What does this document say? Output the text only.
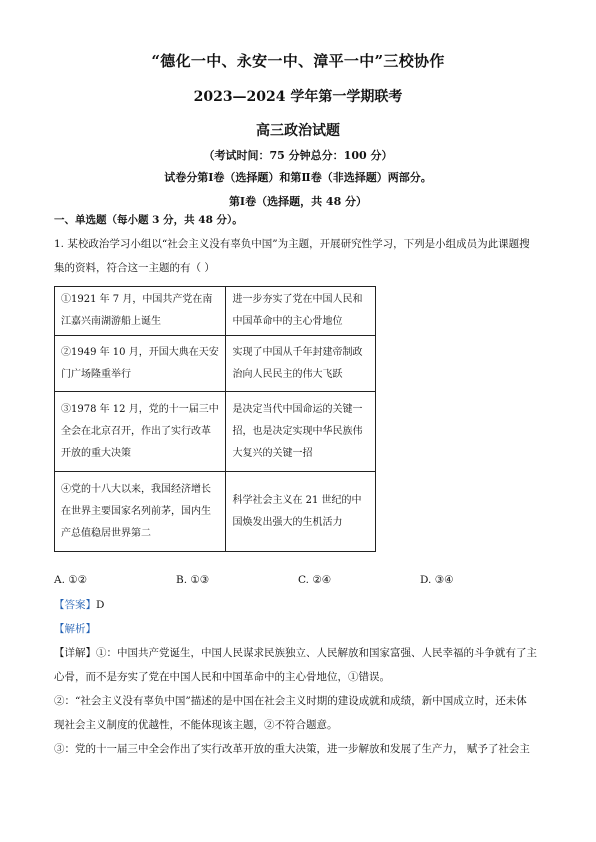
“德化一中、永安一中、漳平一中”三校协作
2023—2024 学年第一学期联考
高三政治试题
（考试时间：75 分钟总分：100 分）
试卷分第Ⅰ卷（选择题）和第Ⅱ卷（非选择题）两部分。
第Ⅰ卷（选择题，共 48 分）
一、单选题（每小题 3 分，共 48 分）。
1. 某校政治学习小组以“社会主义没有辜负中国”为主题，开展研究性学习，下列是小组成员为此课题搜
集的资料，符合这一主题的有（ ）
①1921 年 7 月，中国共产党在南
江嘉兴南湖游船上诞生	进一步夯实了党在中国人民和
中国革命中的主心骨地位

②1949 年 10 月，开国大典在天安
门广场隆重举行	实现了中国从千年封建帝制政
治向人民民主的伟大飞跃

③1978 年 12 月，党的十一届三中
全会在北京召开，作出了实行改革
开放的重大决策	是决定当代中国命运的关键一
招，也是决定实现中华民族伟
大复兴的关键一招

④党的十八大以来，我国经济增长
在世界主要国家名列前茅，国内生
产总值稳居世界第二	科学社会主义在 21 世纪的中
国焕发出强大的生机活力
A. ①②	B. ①③	C. ②④	D. ③④
【答案】D
【解析】
【详解】①：中国共产党诞生，中国人民谋求民族独立、人民解放和国家富强、人民幸福的斗争就有了主
心骨，而不是夯实了党在中国人民和中国革命中的主心骨地位，①错误。
②：“社会主义没有辜负中国”描述的是中国在社会主义时期的建设成就和成绩，新中国成立时，还未体
现社会主义制度的优越性，不能体现该主题，②不符合题意。
③：党的十一届三中全会作出了实行改革开放的重大决策，进一步解放和发展了生产力， 赋予了社会主
